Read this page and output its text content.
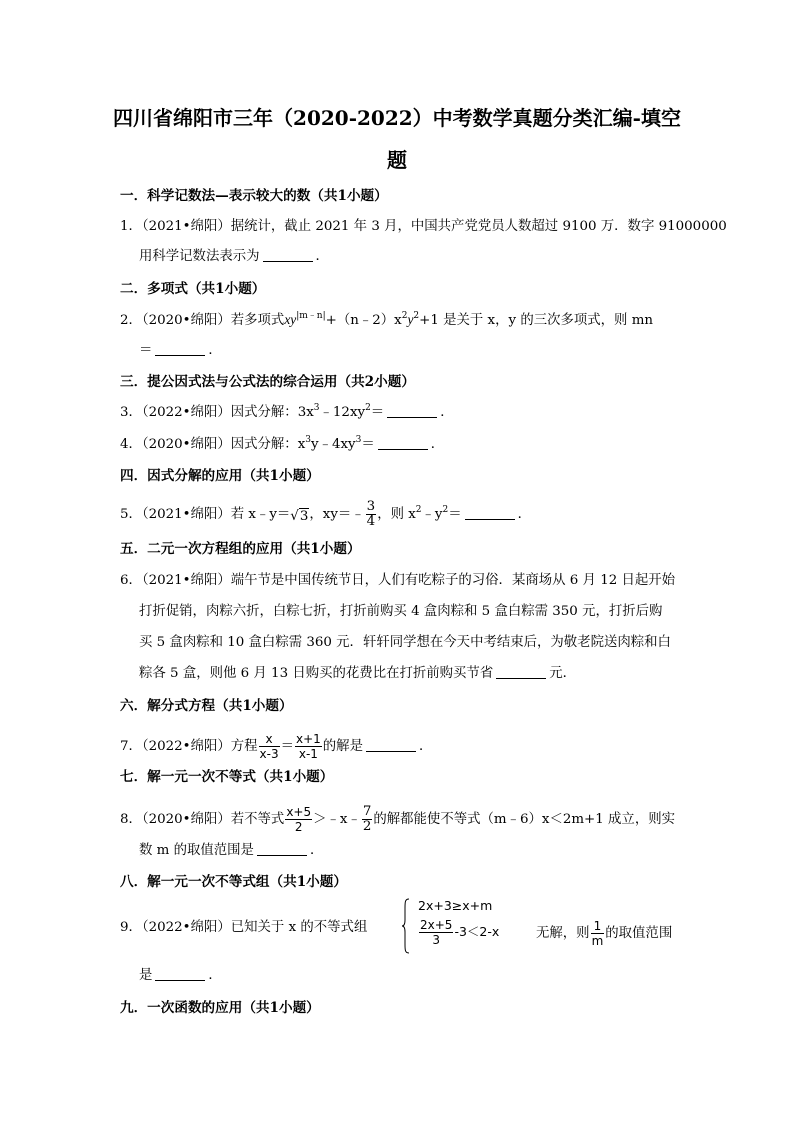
四川省绵阳市三年（2020-2022）中考数学真题分类汇编-填空
题
一．科学记数法—表示较大的数（共1小题）
1．（2021•绵阳）据统计，截止 2021 年 3 月，中国共产党党员人数超过 9100 万．数字 91000000
用科学记数法表示为	．
二．多项式（共1小题）
2．（2020•绵阳）若多项式$xy^{|m﹣n|}+(n﹣2)x^2y^2+1$ 是关于 x，y 的三次多项式，则 mn
＝	．
三．提公因式法与公式法的综合运用（共2小题）
3．（2022•绵阳）因式分解：$3x^3﹣12xy^2=$	．
4．（2020•绵阳）因式分解：$x^3y﹣4xy^3=$	．
四．因式分解的应用（共1小题）
5．（2021•绵阳）若 x﹣y＝√3，xy＝﹣ $\frac{3}{4}$ ，则 $x^2﹣y^2=$	．
五．二元一次方程组的应用（共1小题）
6．（2021•绵阳）端午节是中国传统节日，人们有吃粽子的习俗．某商场从 6 月 12 日起开始
打折促销，肉粽六折，白粽七折，打折前购买 4 盒肉粽和 5 盒白粽需 350 元，打折后购
买 5 盒肉粽和 10 盒白粽需 360 元．轩轩同学想在今天中考结束后，为敬老院送肉粽和白
粽各 5 盒，则他 6 月 13 日购买的花费比在打折前购买节省	元．
六．解分式方程（共1小题）
7．（2022•绵阳）方程 $\frac{x}{x-3} = \frac{x+1}{x-1}$ 的解是	．
七．解一元一次不等式（共1小题）
8．（2020•绵阳）若不等式 $\frac{x+5}{2}$ ＞﹣x﹣ $\frac{7}{2}$ 的解都能使不等式（m﹣6）x＜2m+1 成立，则实
数 m 的取值范围是	．
八．解一元一次不等式组（共1小题）
9．（2022•绵阳）已知关于 x 的不等式组
2x+3≥x+m
$\frac{2x+5}{3} -3<2-x$	无解，则 $\frac{1}{m}$ 的取值范围
是	．
九．一次函数的应用（共1小题）
